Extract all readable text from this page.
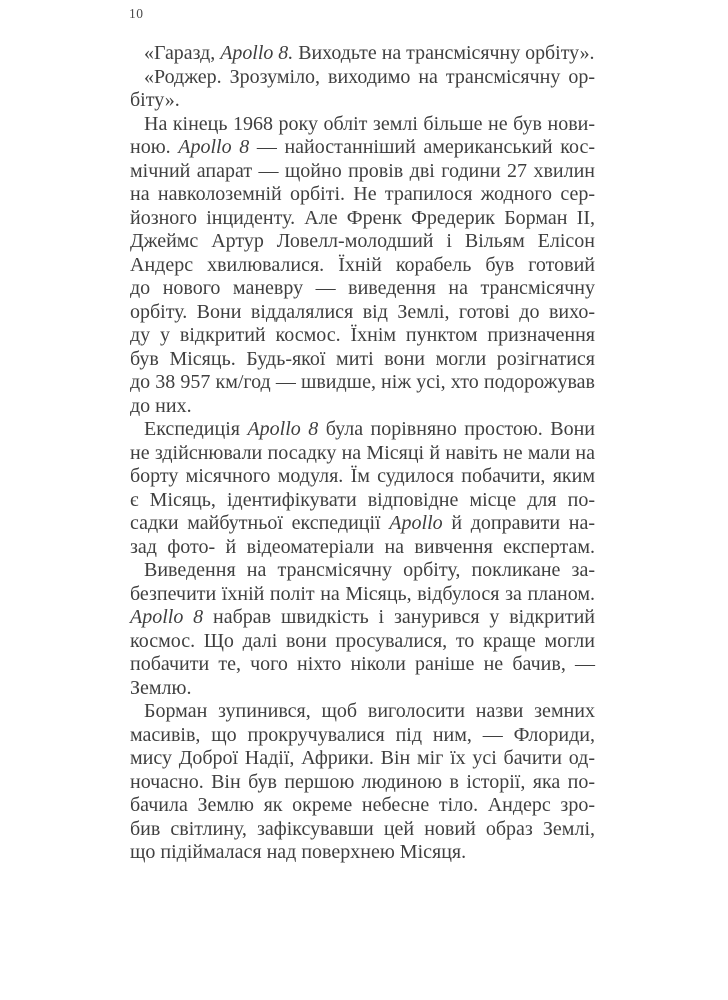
10
«Гаразд, Apollo 8. Виходьте на трансмісячну орбіту».
«Роджер. Зрозуміло, виходимо на трансмісячну ор-
біту».
На кінець 1968 року обліт землі більше не був нови-
ною. Apollo 8 — найостанніший американський кос-
мічний апарат — щойно провів дві години 27 хвилин
на навколоземній орбіті. Не трапилося жодного сер-
йозного інциденту. Але Френк Фредерик Борман II,
Джеймс Артур Ловелл-молодший і Вільям Елісон
Андерс хвилювалися. Їхній корабель був готовий
до нового маневру — виведення на трансмісячну
орбіту. Вони віддалялися від Землі, готові до вихо-
ду у відкритий космос. Їхнім пунктом призначення
був Місяць. Будь-якої миті вони могли розігнатися
до 38 957 км/год — швидше, ніж усі, хто подорожував
до них.
Експедиція Apollo 8 була порівняно простою. Вони
не здійснювали посадку на Місяці й навіть не мали на
борту місячного модуля. Їм судилося побачити, яким
є Місяць, ідентифікувати відповідне місце для по-
садки майбутньої експедиції Apollo й доправити на-
зад фото- й відеоматеріали на вивчення експертам.
Виведення на трансмісячну орбіту, покликане за-
безпечити їхній політ на Місяць, відбулося за планом.
Apollo 8 набрав швидкість і занурився у відкритий
космос. Що далі вони просувалися, то краще могли
побачити те, чого ніхто ніколи раніше не бачив, —
Землю.
Борман зупинився, щоб виголосити назви земних
масивів, що прокручувалися під ним, — Флориди,
мису Доброї Надії, Африки. Він міг їх усі бачити од-
ночасно. Він був першою людиною в історії, яка по-
бачила Землю як окреме небесне тіло. Андерс зро-
бив світлину, зафіксувавши цей новий образ Землі,
що підіймалася над поверхнею Місяця.
